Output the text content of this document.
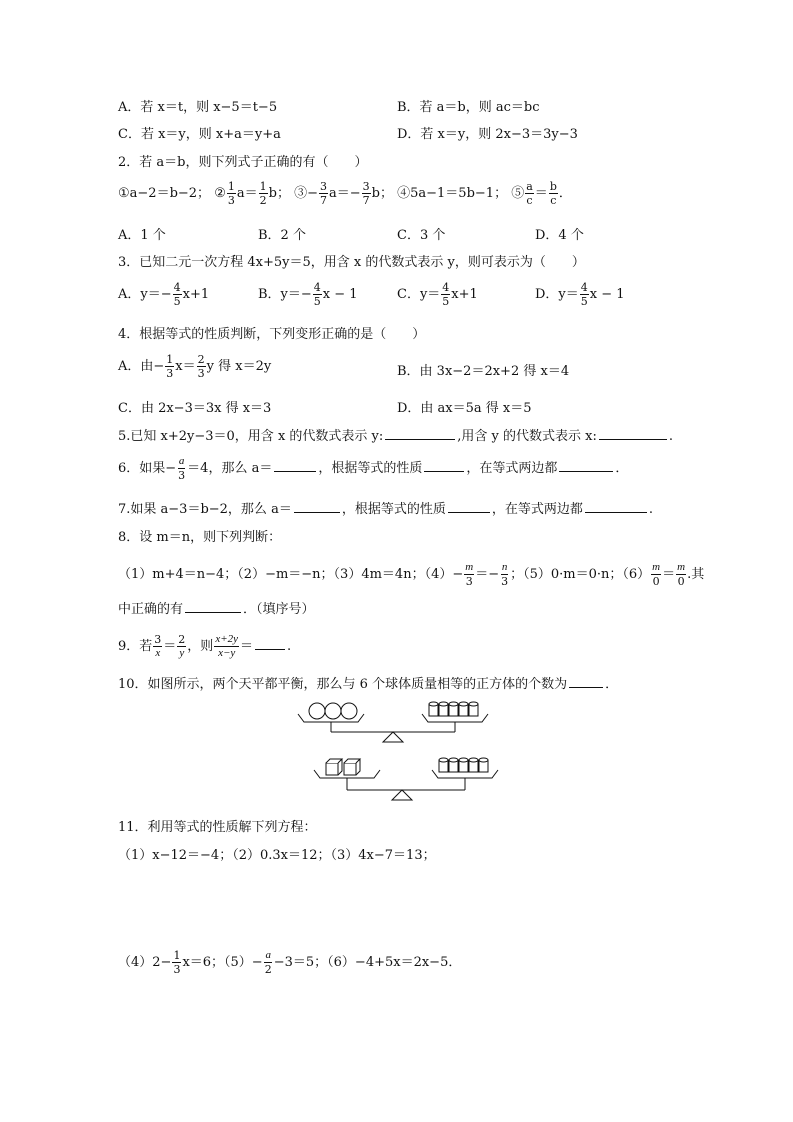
A．若 x＝t，则 x−5＝t−5	B．若 a＝b，则 ac＝bc
C．若 x＝y，则 x+a＝y+a	D．若 x＝y，则 2x−3＝3y−3
2．若 a＝b，则下列式子正确的有（　　）
①a−2＝b−2； ② $\frac{1}{3} a= \frac{1}{2}$ b； ③− $\frac{3}{7} a=- \frac{3}{7}$ b； ④5a−1＝5b−1； ⑤ $\frac{a}{c} = \frac{b}{c}$ ．
A．1 个	B．2 个	C．3 个	D．4 个
3．已知二元一次方程 4x+5y＝5，用含 x 的代数式表示 y，则可表示为（　　）
A．$y=- \frac{4}{5} x+1$	B．$y=- \frac{4}{5}$ x − 1	C．$y= \frac{4}{5} x+1$	D．$y= \frac{4}{5}$ x − 1
4．根据等式的性质判断，下列变形正确的是（　　）
A．由− $\frac{1}{3} x= \frac{2}{3}$ y 得 x＝2y	B．由 3x−2＝2x+2 得 x＝4
C．由 2x−3＝3x 得 x＝3	D．由 ax＝5a 得 x＝5
5.已知 x+2y−3＝0，用含 x 的代数式表示 y:	,用含 y 的代数式表示 x:	.
6．如果− $\frac{a}{3} =4$，那么 a＝	，根据等式的性质	，在等式两边都	．
7.如果 a−3＝b−2，那么 a＝	，根据等式的性质	，在等式两边都	.
8．设 m＝n，则下列判断：
（1）m+4＝n−4；（2）−m＝−n；（3）4m＝4n；$(4)- \frac{m}{3} =- \frac{n}{3}$ ；（5）0·m＝0·n；$(6) \frac{m}{0} = \frac{m}{0}$ .其
中正确的有	．（填序号）
9．若 $\frac{3}{x} = \frac{2}{y}$ ，则 $\frac{x+2y}{x-y}$ ＝	.
10．如图所示，两个天平都平衡，那么与 6 个球体质量相等的正方体的个数为	．
11．利用等式的性质解下列方程：
（1）x−12＝−4；（2）0.3x＝12；（3）4x−7＝13；
$(4)2- \frac{1}{3} x=6$；$(5)- \frac{a}{2} -3=5$；（6）−4+5x＝2x−5．
